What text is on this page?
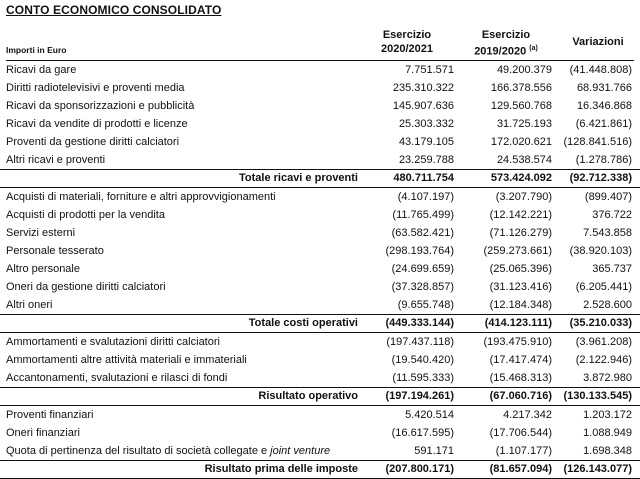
CONTO ECONOMICO CONSOLIDATO
Importi in Euro
Esercizio
2020/2021
Esercizio
2019/2020 $^{(a)}$
Variazioni
Ricavi da gare	7.751.571	49.200.379 (41.448.808)
Diritti radiotelevisivi e proventi media	235.310.322	166.378.556 68.931.766
Ricavi da sponsorizzazioni e pubblicità	145.907.636	129.560.768 16.346.868
Ricavi da vendite di prodotti e licenze	25.303.332	31.725.193 (6.421.861)
Proventi da gestione diritti calciatori	43.179.105	172.020.621 (128.841.516)
Altri ricavi e proventi	23.259.788	24.538.574 (1.278.786)
Totale ricavi e proventi	480.711.754	573.424.092 (92.712.338)
Acquisti di materiali, forniture e altri approvvigionamenti	(4.107.197)	(3.207.790)	(899.407)
Acquisti di prodotti per la vendita	(11.765.499)	(12.142.221)	376.722
Servizi esterni	(63.582.421)	(71.126.279)	7.543.858
Personale tesserato	(298.193.764)	(259.273.661) (38.920.103)
Altro personale	(24.699.659)	(25.065.396)	365.737
Oneri da gestione diritti calciatori	(37.328.857)	(31.123.416) (6.205.441)
Altri oneri	(9.655.748)	(12.184.348)	2.528.600
Totale costi operativi	(449.333.144)	(414.123.111) (35.210.033)
Ammortamenti e svalutazioni diritti calciatori	(197.437.118)	(193.475.910) (3.961.208)
Ammortamenti altre attività materiali e immateriali	(19.540.420)	(17.417.474) (2.122.946)
Accantonamenti, svalutazioni e rilasci di fondi	(11.595.333)	(15.468.313)	3.872.980
Risultato operativo	(197.194.261)	(67.060.716) (130.133.545)
Proventi finanziari	5.420.514	4.217.342	1.203.172
Oneri finanziari	(16.617.595)	(17.706.544)	1.088.949
Quota di pertinenza del risultato di società collegate e joint venture	591.171	(1.107.177)	1.698.348
Risultato prima delle imposte	(207.800.171)	(81.657.094) (126.143.077)
